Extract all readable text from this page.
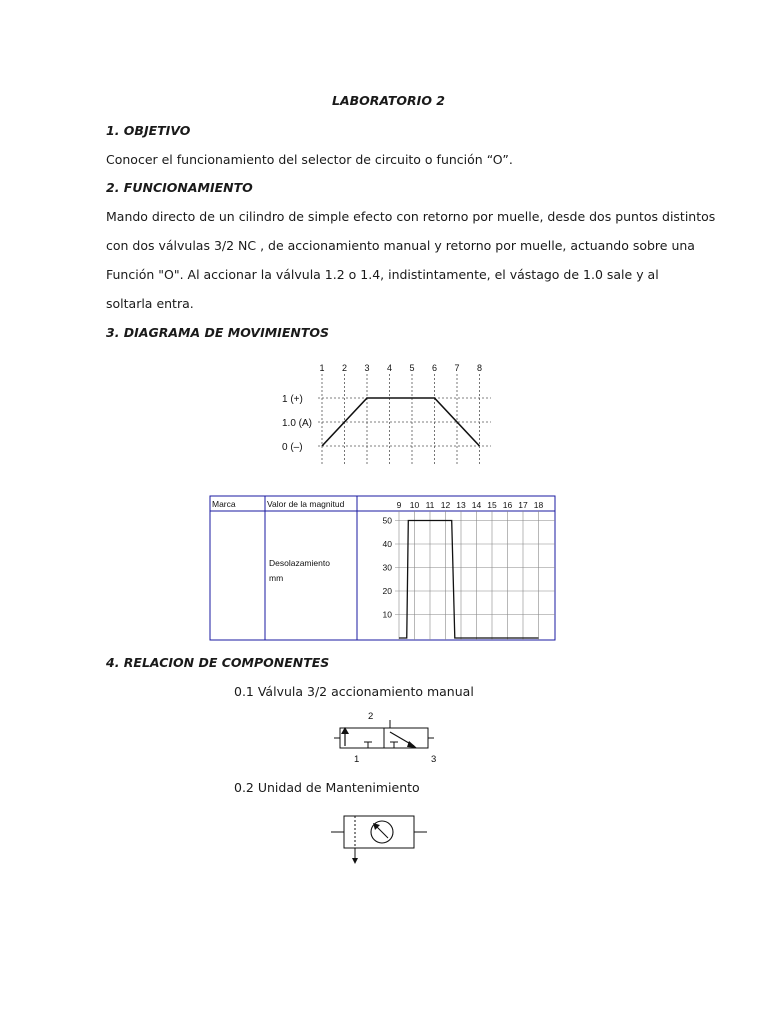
LABORATORIO 2

1. OBJETIVO

Conocer el funcionamiento del selector de circuito o función “O”.

2. FUNCIONAMIENTO

Mando directo de un cilindro de simple efecto con retorno por muelle, desde dos puntos distintos

con dos válvulas 3/2 NC , de accionamiento manual y retorno por muelle, actuando sobre una

Función "O". Al accionar la válvula 1.2 o 1.4, indistintamente, el vástago de 1.0 sale y al

soltarla entra.

3. DIAGRAMA DE MOVIMIENTOS

1 2 3 4 5 6 7 8
1 (+)
1.0 (A)
0 (–)
Marca	Valor de la magnitud
Desolazamiento
mm
9 10 11 12 13 14 15 16 17 18
10
20
30
40
50

4. RELACION DE COMPONENTES

0.1 Válvula 3/2 accionamiento manual

2
1	3

0.2 Unidad de Mantenimiento
